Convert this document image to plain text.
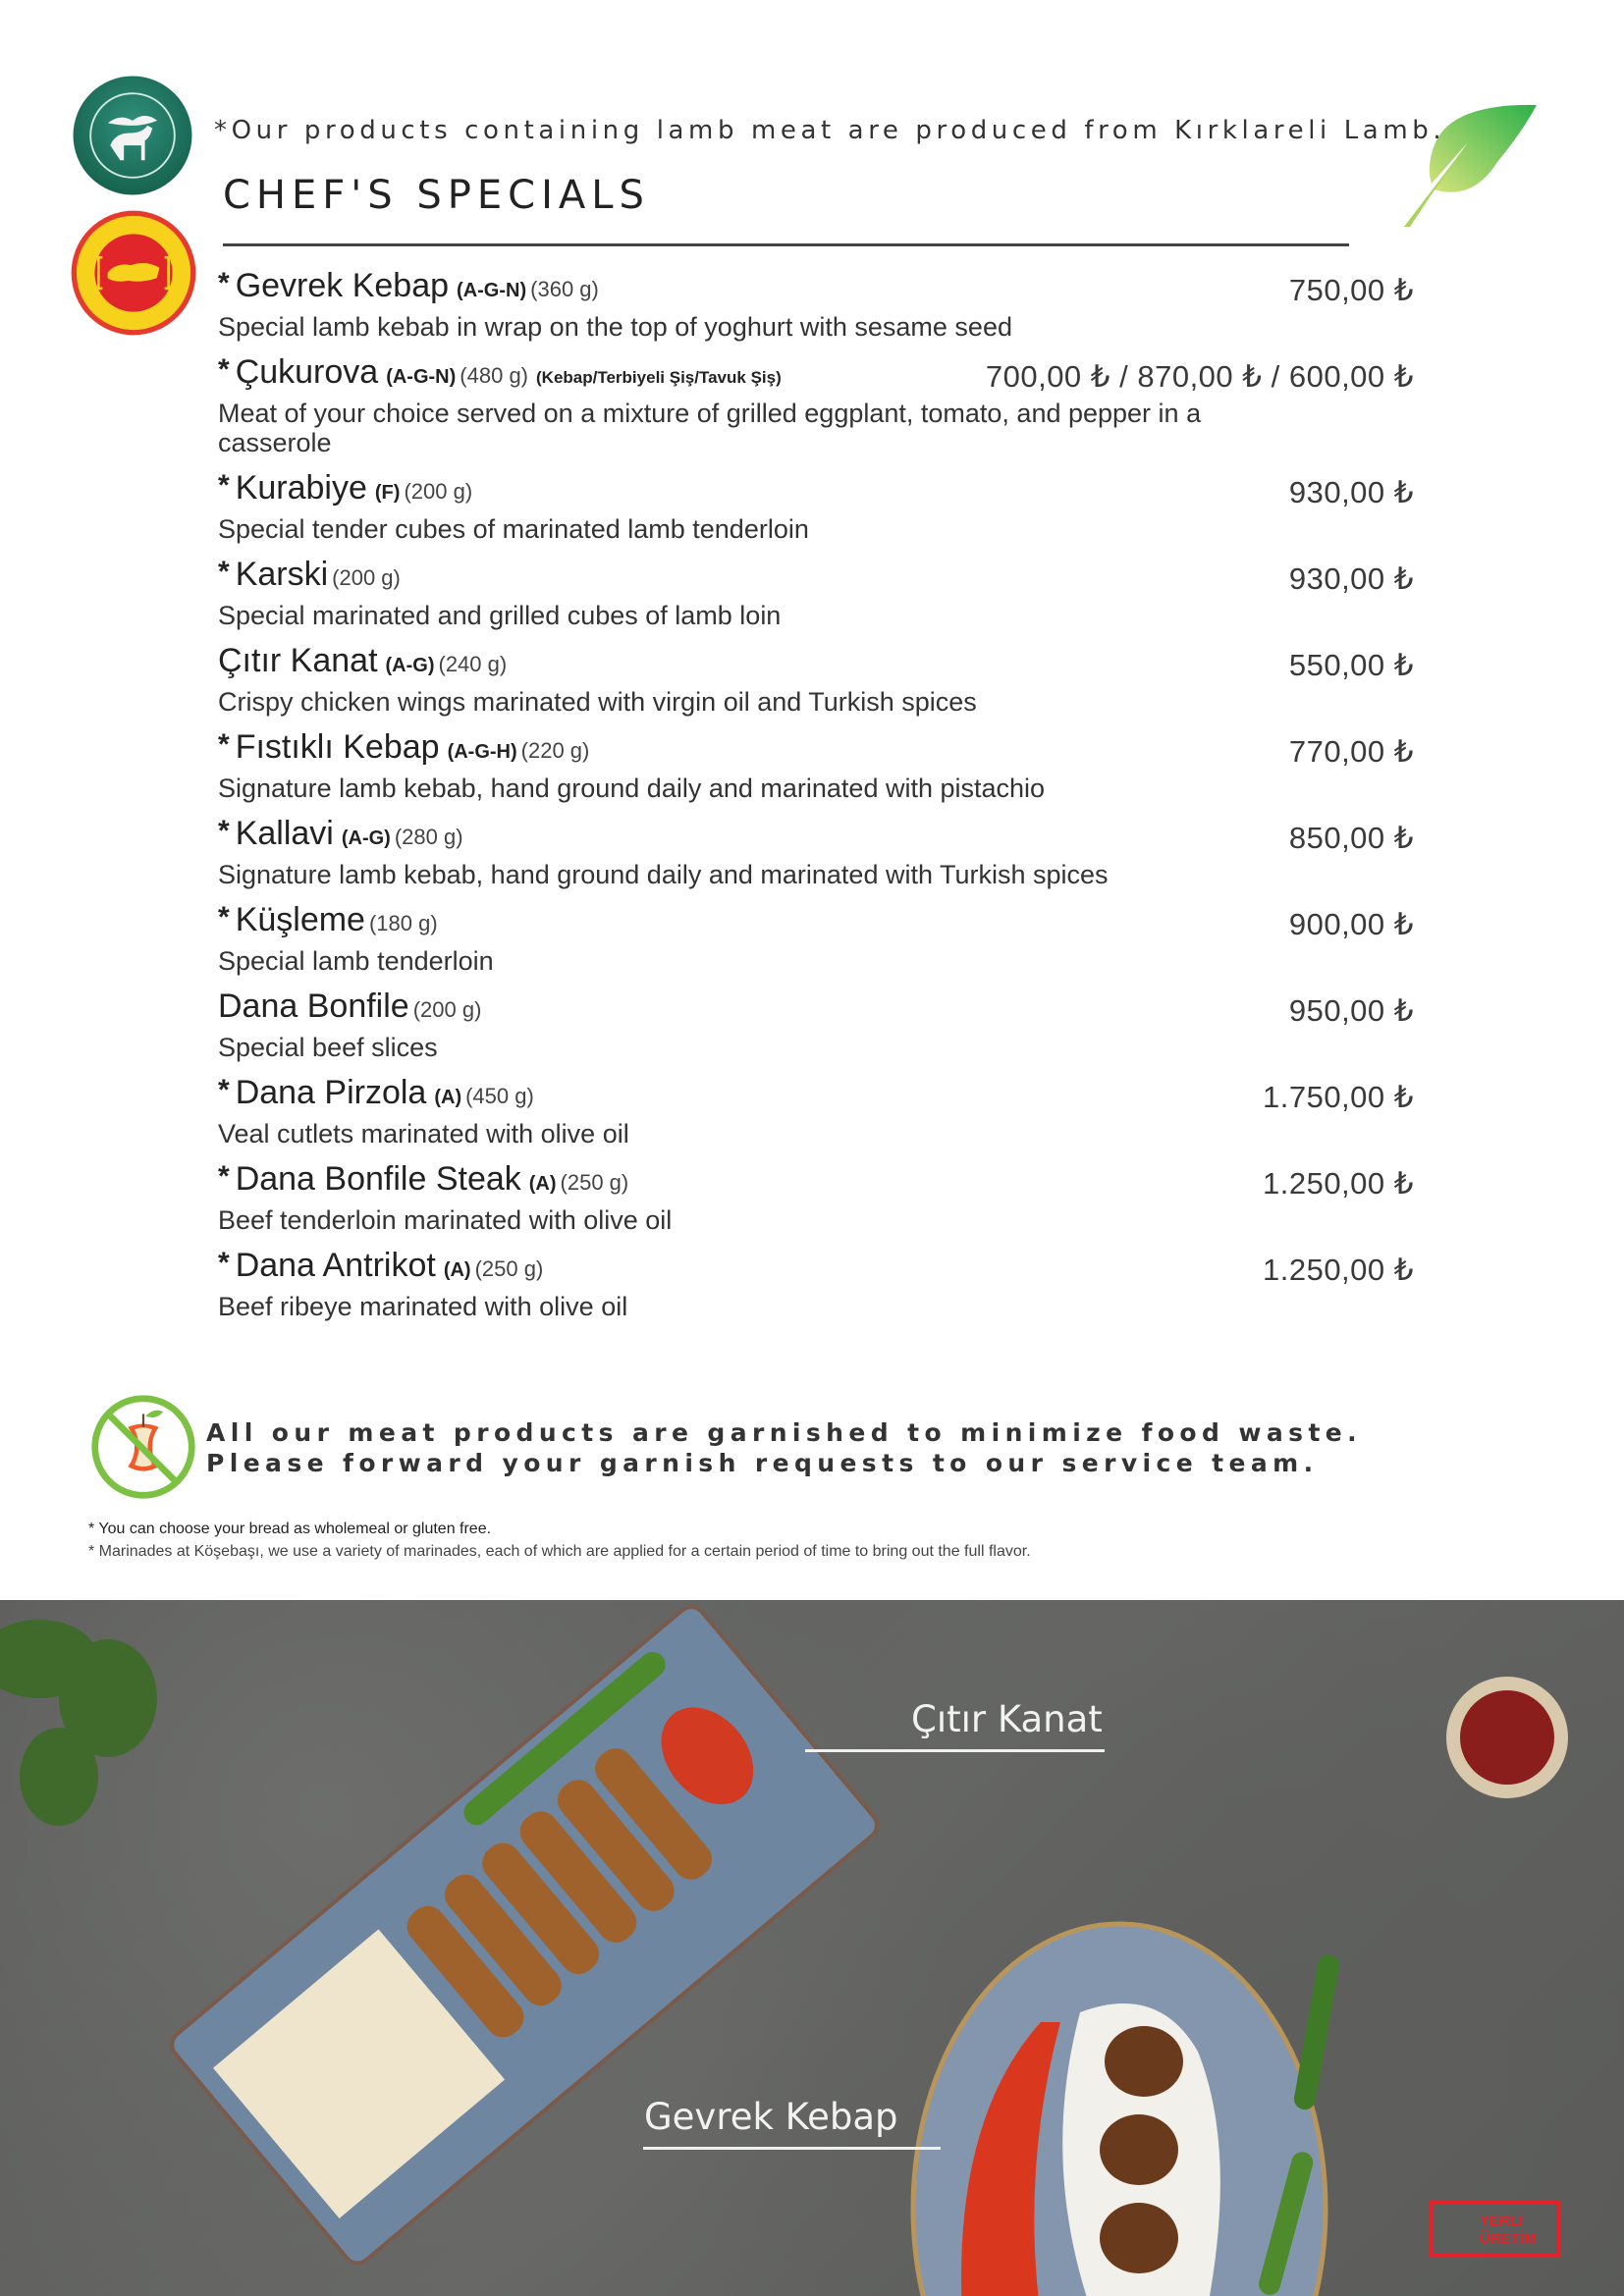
*Our products containing lamb meat are produced from Kırklareli Lamb.
CHEF'S SPECIALS
* Gevrek Kebap (A-G-N) (360 g)	750,00 ₺
Special lamb kebab in wrap on the top of yoghurt with sesame seed
* Çukurova (A-G-N) (480 g) (Kebap/Terbiyeli Şiş/Tavuk Şiş)	700,00 ₺ / 870,00 ₺ / 600,00 ₺
Meat of your choice served on a mixture of grilled eggplant, tomato, and pepper in a casserole
* Kurabiye (F) (200 g)	930,00 ₺
Special tender cubes of marinated lamb tenderloin
* Karski (200 g)	930,00 ₺
Special marinated and grilled cubes of lamb loin
Çıtır Kanat (A-G) (240 g)	550,00 ₺
Crispy chicken wings marinated with virgin oil and Turkish spices
* Fıstıklı Kebap (A-G-H) (220 g)	770,00 ₺
Signature lamb kebab, hand ground daily and marinated with pistachio
* Kallavi (A-G) (280 g)	850,00 ₺
Signature lamb kebab, hand ground daily and marinated with Turkish spices
* Küşleme (180 g)	900,00 ₺
Special lamb tenderloin
Dana Bonfile (200 g)	950,00 ₺
Special beef slices
* Dana Pirzola (A) (450 g)	1.750,00 ₺
Veal cutlets marinated with olive oil
* Dana Bonfile Steak (A) (250 g)	1.250,00 ₺
Beef tenderloin marinated with olive oil
* Dana Antrikot (A) (250 g)	1.250,00 ₺
Beef ribeye marinated with olive oil
All our meat products are garnished to minimize food waste.
Please forward your garnish requests to our service team.
* You can choose your bread as wholemeal or gluten free.
* Marinades at Köşebaşı, we use a variety of marinades, each of which are applied for a certain period of time to bring out the full flavor.
Çıtır Kanat
Gevrek Kebap
YERLİ
ÜRETİM
